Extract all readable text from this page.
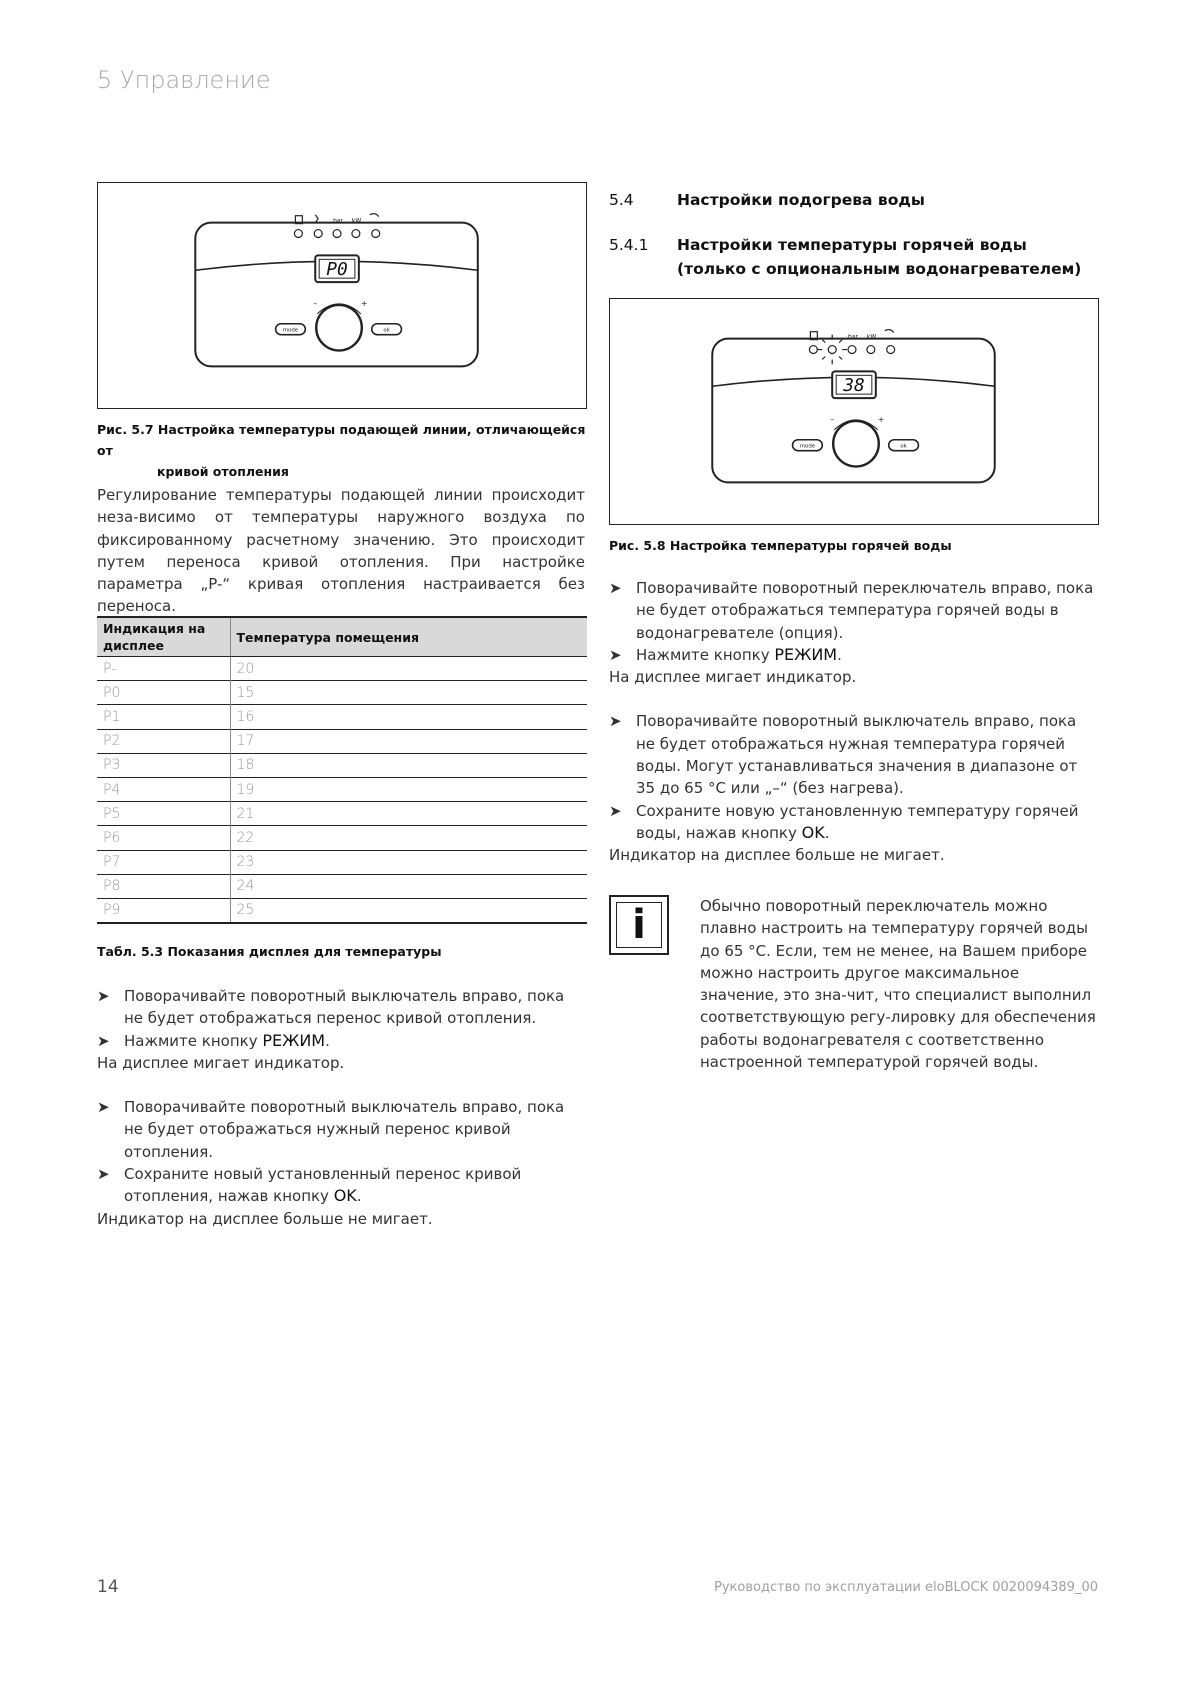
5 Управление
bar kW
P0
–	+
mode	ok
Рис. 5.7 Настройка температуры подающей линии, отличающейся от
кривой отопления
Регулирование температуры подающей линии происходит неза-висимо от температуры наружного воздуха по фиксированному расчетному значению. Это происходит путем переноса кривой отопления. При настройке параметра „P-“ кривая отопления настраивается без переноса.
Индикация на дисплее	Температура помещения
P-	20
P0	15
P1	16
P2	17
P3	18
P4	19
P5	21
P6	22
P7	23
P8	24
P9	25
Табл. 5.3 Показания дисплея для температуры
➤ Поворачивайте поворотный выключатель вправо, пока не будет отображаться перенос кривой отопления.
➤ Нажмите кнопку РЕЖИМ.
На дисплее мигает индикатор.
➤ Поворачивайте поворотный выключатель вправо, пока не будет отображаться нужный перенос кривой отопления.
➤ Сохраните новый установленный перенос кривой отопления, нажав кнопку OK.
Индикатор на дисплее больше не мигает.
5.4	Настройки подогрева воды
5.4.1 Настройки температуры горячей воды
(только с опциональным водонагревателем)
bar kW
38
–	+
mode	ok
Рис. 5.8 Настройка температуры горячей воды
➤ Поворачивайте поворотный переключатель вправо, пока не будет отображаться температура горячей воды в водонагревателе (опция).
➤ Нажмите кнопку РЕЖИМ.
На дисплее мигает индикатор.
➤ Поворачивайте поворотный выключатель вправо, пока не будет отображаться нужная температура горячей воды. Могут устанавливаться значения в диапазоне от 35 до 65 °C или „–“ (без нагрева).
➤ Сохраните новую установленную температуру горячей воды, нажав кнопку OK.
Индикатор на дисплее больше не мигает.
i	Обычно поворотный переключатель можно плавно настроить на температуру горячей воды до 65 °C. Если, тем не менее, на Вашем приборе можно настроить другое максимальное значение, это зна-чит, что специалист выполнил соответствующую регу-лировку для обеспечения работы водонагревателя с соответственно настроенной температурой горячей воды.
14	Руководство по эксплуатации eloBLOCK 0020094389_00
